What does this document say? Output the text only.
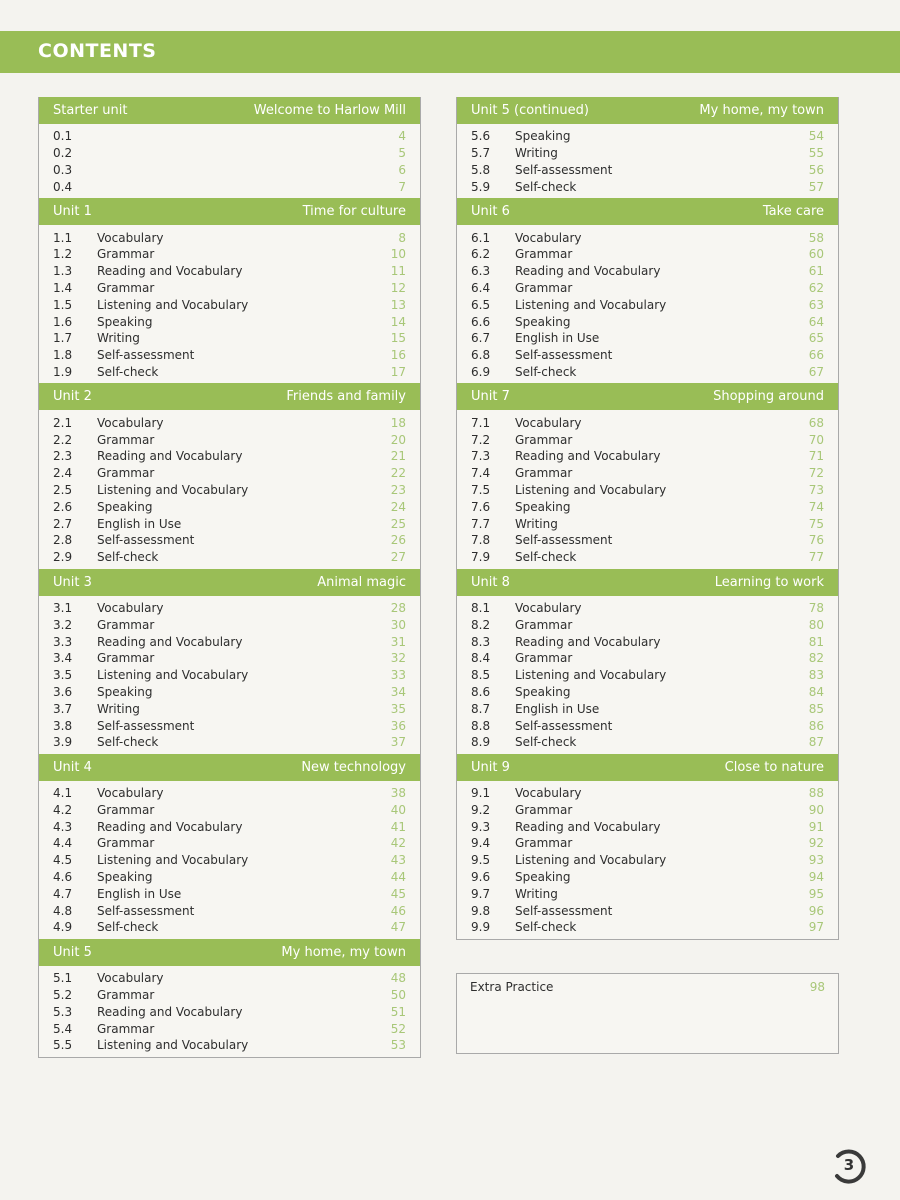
CONTENTS
Starter unit	Welcome to Harlow Mill
0.1	4
0.2	5
0.3	6
0.4	7
Unit 1	Time for culture
1.1	Vocabulary	8
1.2	Grammar	10
1.3	Reading and Vocabulary	11
1.4	Grammar	12
1.5	Listening and Vocabulary	13
1.6	Speaking	14
1.7	Writing	15
1.8	Self-assessment	16
1.9	Self-check	17
Unit 2	Friends and family
2.1	Vocabulary	18
2.2	Grammar	20
2.3	Reading and Vocabulary	21
2.4	Grammar	22
2.5	Listening and Vocabulary	23
2.6	Speaking	24
2.7	English in Use	25
2.8	Self-assessment	26
2.9	Self-check	27
Unit 3	Animal magic
3.1	Vocabulary	28
3.2	Grammar	30
3.3	Reading and Vocabulary	31
3.4	Grammar	32
3.5	Listening and Vocabulary	33
3.6	Speaking	34
3.7	Writing	35
3.8	Self-assessment	36
3.9	Self-check	37
Unit 4	New technology
4.1	Vocabulary	38
4.2	Grammar	40
4.3	Reading and Vocabulary	41
4.4	Grammar	42
4.5	Listening and Vocabulary	43
4.6	Speaking	44
4.7	English in Use	45
4.8	Self-assessment	46
4.9	Self-check	47
Unit 5	My home, my town
5.1	Vocabulary	48
5.2	Grammar	50
5.3	Reading and Vocabulary	51
5.4	Grammar	52
5.5	Listening and Vocabulary	53
Unit 5 (continued)	My home, my town
5.6	Speaking	54
5.7	Writing	55
5.8	Self-assessment	56
5.9	Self-check	57
Unit 6	Take care
6.1	Vocabulary	58
6.2	Grammar	60
6.3	Reading and Vocabulary	61
6.4	Grammar	62
6.5	Listening and Vocabulary	63
6.6	Speaking	64
6.7	English in Use	65
6.8	Self-assessment	66
6.9	Self-check	67
Unit 7	Shopping around
7.1	Vocabulary	68
7.2	Grammar	70
7.3	Reading and Vocabulary	71
7.4	Grammar	72
7.5	Listening and Vocabulary	73
7.6	Speaking	74
7.7	Writing	75
7.8	Self-assessment	76
7.9	Self-check	77
Unit 8	Learning to work
8.1	Vocabulary	78
8.2	Grammar	80
8.3	Reading and Vocabulary	81
8.4	Grammar	82
8.5	Listening and Vocabulary	83
8.6	Speaking	84
8.7	English in Use	85
8.8	Self-assessment	86
8.9	Self-check	87
Unit 9	Close to nature
9.1	Vocabulary	88
9.2	Grammar	90
9.3	Reading and Vocabulary	91
9.4	Grammar	92
9.5	Listening and Vocabulary	93
9.6	Speaking	94
9.7	Writing	95
9.8	Self-assessment	96
9.9	Self-check	97
Extra Practice	98
3
